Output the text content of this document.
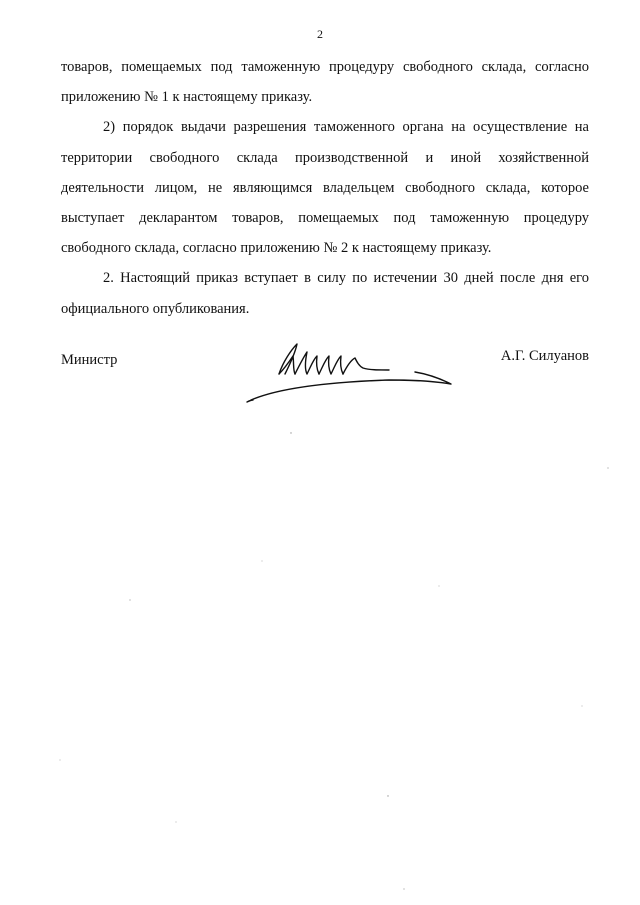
2

товаров, помещаемых под таможенную процедуру свободного склада, согласно приложению № 1 к настоящему приказу.

2) порядок выдачи разрешения таможенного органа на осуществление на территории свободного склада производственной и иной хозяйственной деятельности лицом, не являющимся владельцем свободного склада, которое выступает декларантом товаров, помещаемых под таможенную процедуру свободного склада, согласно приложению № 2 к настоящему приказу.

2. Настоящий приказ вступает в силу по истечении 30 дней после дня его официального опубликования.

Министр	А.Г. Силуанов
